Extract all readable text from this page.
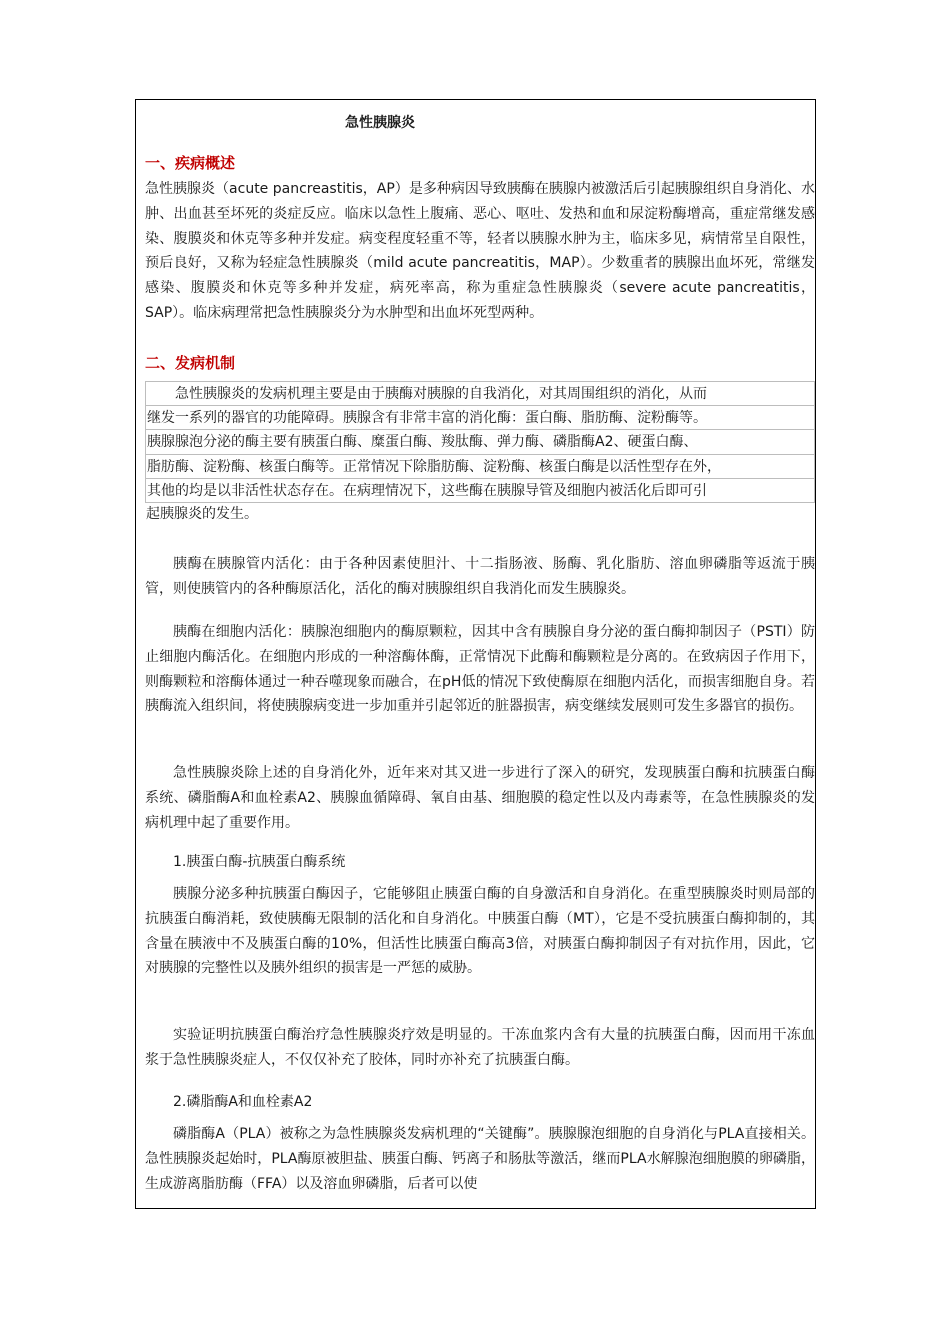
急性胰腺炎
一、疾病概述

急性胰腺炎（acute pancreastitis，AP）是多种病因导致胰酶在胰腺内被激活后引起胰腺组织自身消化、水肿、出血甚至坏死的炎症反应。临床以急性上腹痛、恶心、呕吐、发热和血和尿淀粉酶增高，重症常继发感染、腹膜炎和休克等多种并发症。病变程度轻重不等，轻者以胰腺水肿为主，临床多见，病情常呈自限性，预后良好，又称为轻症急性胰腺炎（mild acute pancreatitis，MAP）。少数重者的胰腺出血坏死，常继发感染、腹膜炎和休克等多种并发症，病死率高，称为重症急性胰腺炎（severe acute pancreatitis，SAP）。临床病理常把急性胰腺炎分为水肿型和出血坏死型两种。

二、发病机制
急性胰腺炎的发病机理主要是由于胰酶对胰腺的自我消化，对其周围组织的消化，从而
继发一系列的器官的功能障碍。胰腺含有非常丰富的消化酶：蛋白酶、脂肪酶、淀粉酶等。
胰腺腺泡分泌的酶主要有胰蛋白酶、糜蛋白酶、羧肽酶、弹力酶、磷脂酶A2、硬蛋白酶、
脂肪酶、淀粉酶、核蛋白酶等。正常情况下除脂肪酶、淀粉酶、核蛋白酶是以活性型存在外，
其他的均是以非活性状态存在。在病理情况下，这些酶在胰腺导管及细胞内被活化后即可引
起胰腺炎的发生。

胰酶在胰腺管内活化：由于各种因素使胆汁、十二指肠液、肠酶、乳化脂肪、溶血卵磷脂等返流于胰管，则使胰管内的各种酶原活化，活化的酶对胰腺组织自我消化而发生胰腺炎。

胰酶在细胞内活化：胰腺泡细胞内的酶原颗粒，因其中含有胰腺自身分泌的蛋白酶抑制因子（PSTI）防止细胞内酶活化。在细胞内形成的一种溶酶体酶，正常情况下此酶和酶颗粒是分离的。在致病因子作用下，则酶颗粒和溶酶体通过一种吞噬现象而融合，在pH低的情况下致使酶原在细胞内活化，而损害细胞自身。若胰酶流入组织间，将使胰腺病变进一步加重并引起邻近的脏器损害，病变继续发展则可发生多器官的损伤。

急性胰腺炎除上述的自身消化外，近年来对其又进一步进行了深入的研究，发现胰蛋白酶和抗胰蛋白酶系统、磷脂酶A和血栓素A2、胰腺血循障碍、氧自由基、细胞膜的稳定性以及内毒素等，在急性胰腺炎的发病机理中起了重要作用。

1.胰蛋白酶-抗胰蛋白酶系统

胰腺分泌多种抗胰蛋白酶因子，它能够阻止胰蛋白酶的自身激活和自身消化。在重型胰腺炎时则局部的抗胰蛋白酶消耗，致使胰酶无限制的活化和自身消化。中胰蛋白酶（MT），它是不受抗胰蛋白酶抑制的，其含量在胰液中不及胰蛋白酶的10%，但活性比胰蛋白酶高3倍，对胰蛋白酶抑制因子有对抗作用，因此，它对胰腺的完整性以及胰外组织的损害是一严惩的威胁。

实验证明抗胰蛋白酶治疗急性胰腺炎疗效是明显的。干冻血浆内含有大量的抗胰蛋白酶，因而用干冻血浆于急性胰腺炎症人，不仅仅补充了胶体，同时亦补充了抗胰蛋白酶。

2.磷脂酶A和血栓素A2

磷脂酶A（PLA）被称之为急性胰腺炎发病机理的“关键酶”。胰腺腺泡细胞的自身消化与PLA直接相关。急性胰腺炎起始时，PLA酶原被胆盐、胰蛋白酶、钙离子和肠肽等激活，继而PLA水解腺泡细胞膜的卵磷脂，生成游离脂肪酶（FFA）以及溶血卵磷脂，后者可以使
